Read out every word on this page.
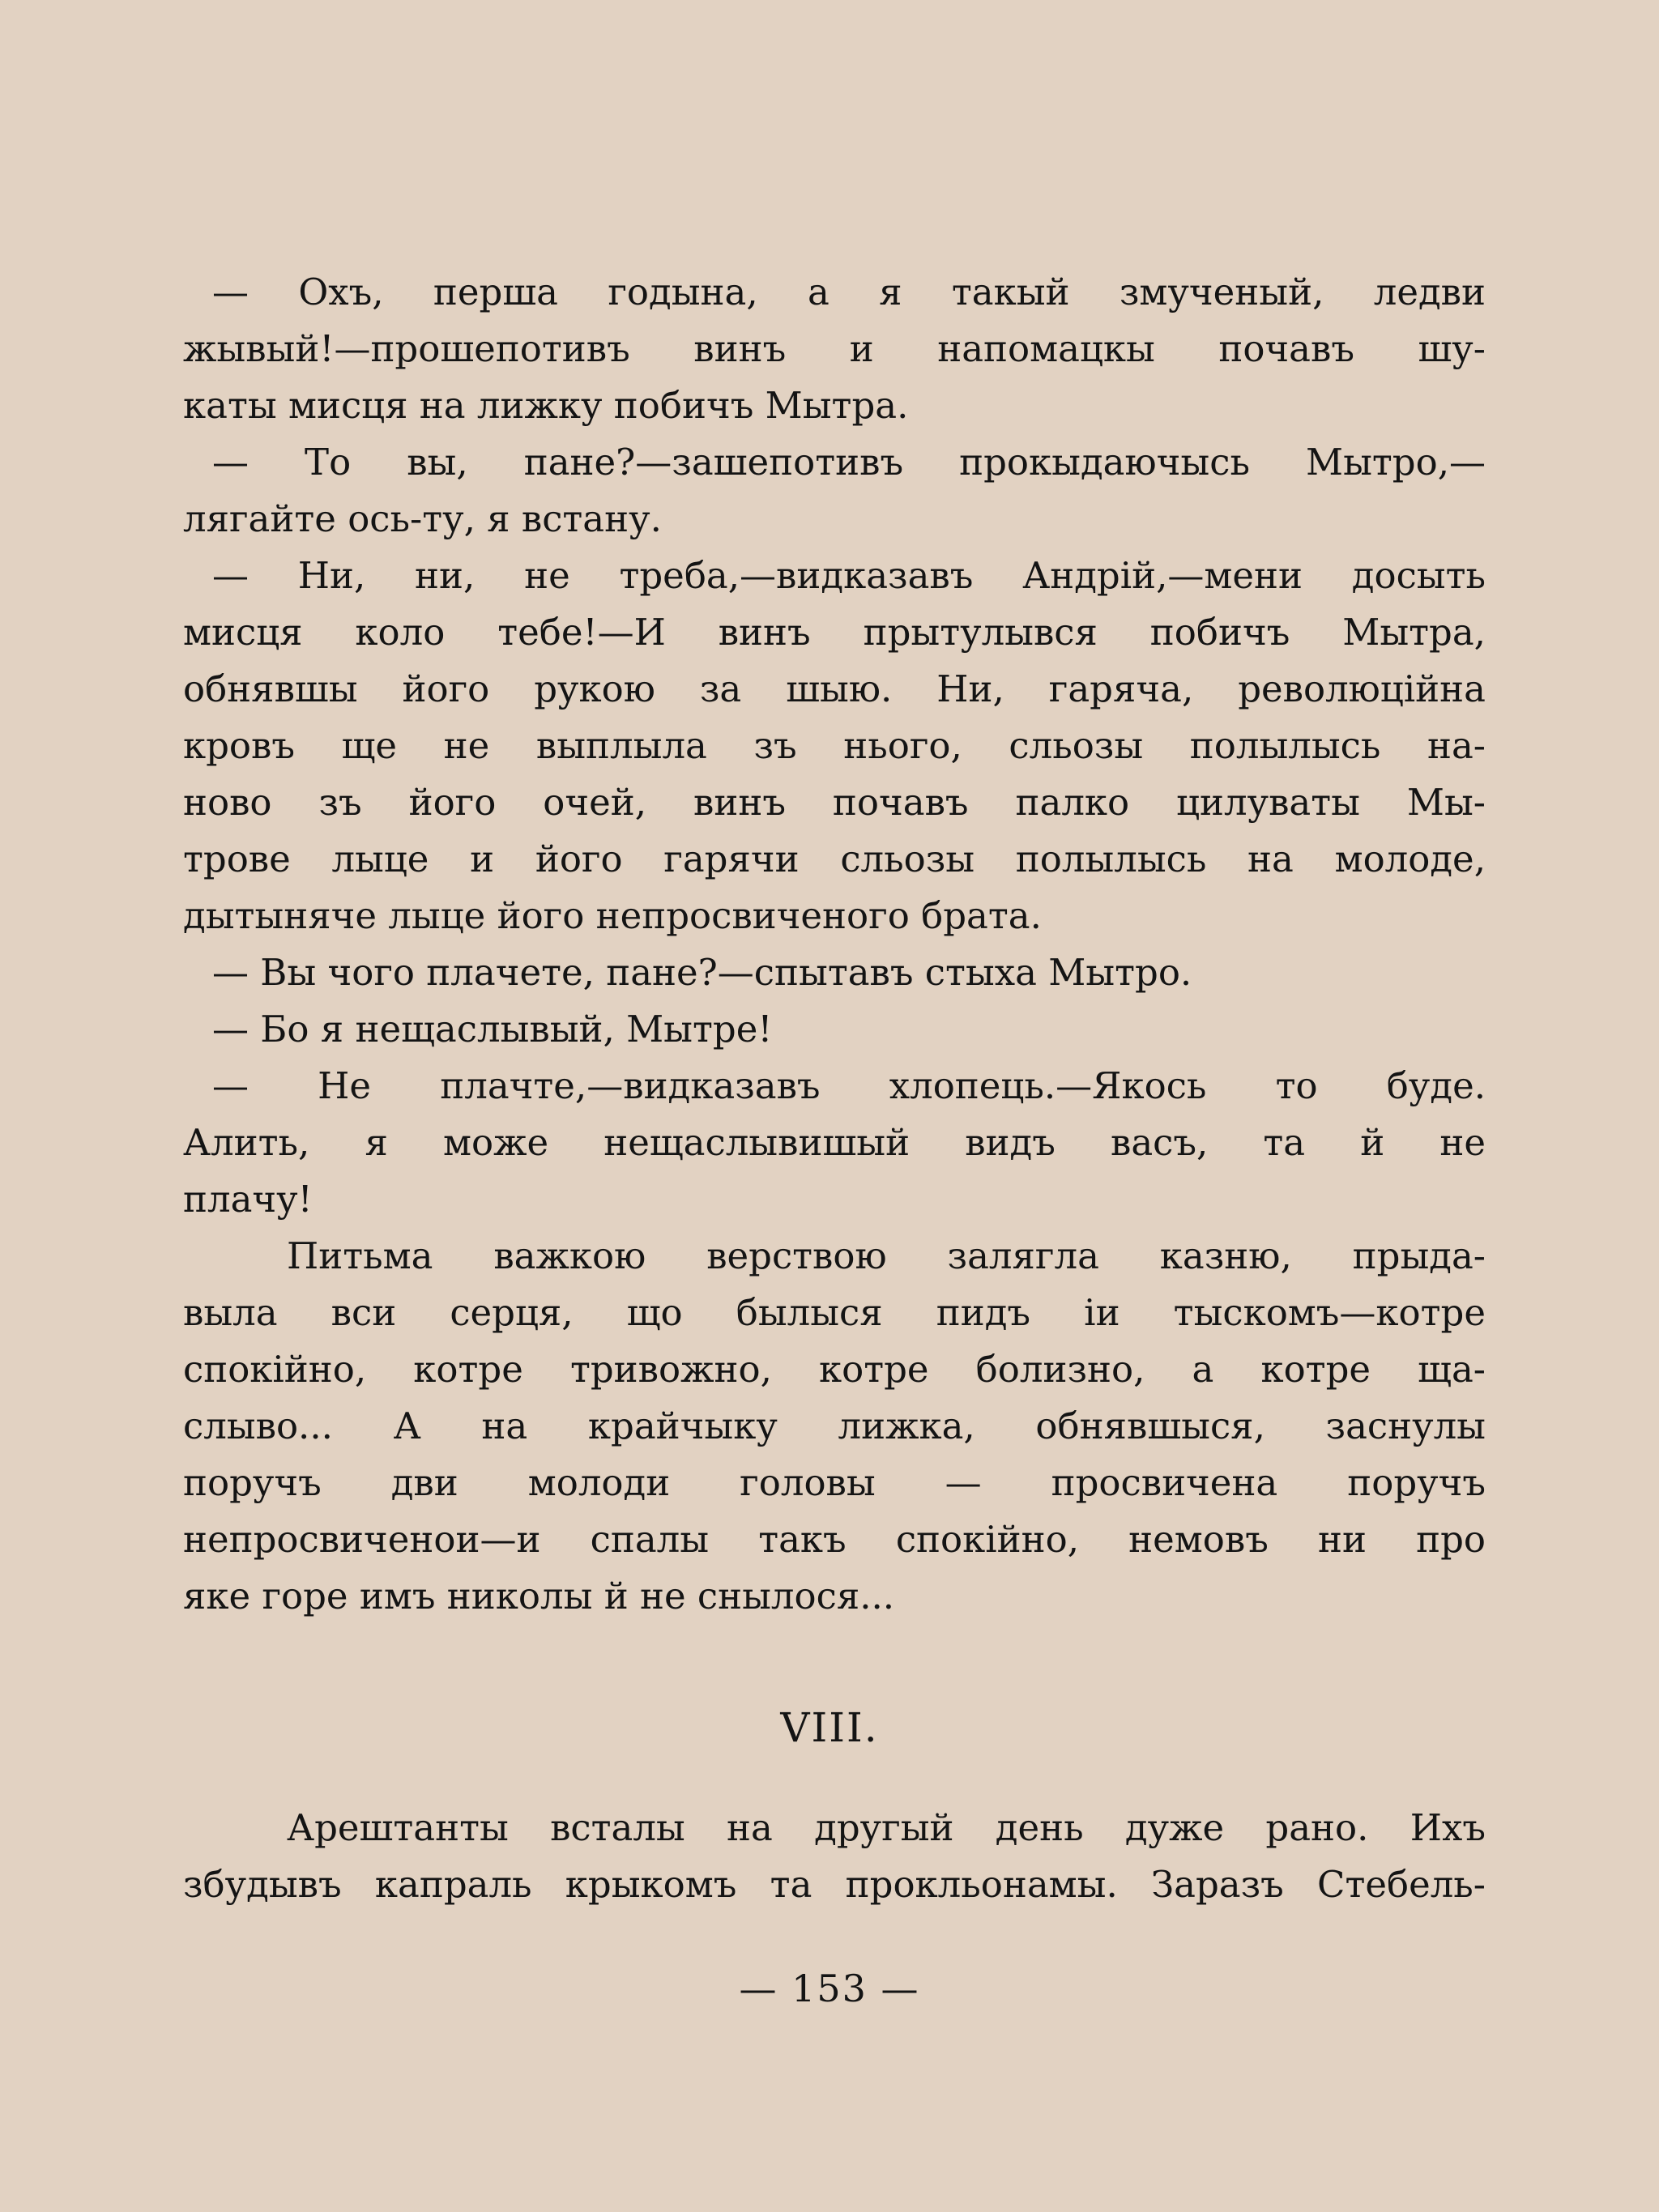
— Охъ, перша годына, а я такый змученый, ледви
жывый!—прошепотивъ винъ и напомацкы почавъ шу-
каты мисця на лижку побичъ Мытра.
— То вы, пане?—зашепотивъ прокыдаючысь Мытро,—
лягайте ось-ту, я встану.
— Ни, ни, не треба,—видказавъ Андрій,—мени досыть
мисця коло тебе!—И винъ прытулывся побичъ Мытра,
обнявшы його рукою за шыю. Ни, гаряча, революційна
кровъ ще не выплыла зъ нього, сльозы полылысь на-
ново зъ його очей, винъ почавъ палко цилуваты Мы-
трове лыце и його гарячи сльозы полылысь на молоде,
дытыняче лыце його непросвиченого брата.
— Вы чого плачете, пане?—спытавъ стыха Мытро.
— Бо я нещаслывый, Мытре!
— Не плачте,—видказавъ хлопець.—Якось то буде.
Алить, я може нещаслывишый видъ васъ, та й не
плачу!
Питьма важкою верствою залягла казню, прыда-
выла вси серця, що былыся пидъ іи тыскомъ—котре
спокійно, котре тривожно, котре болизно, а котре ща-
слыво... А на крайчыку лижка, обнявшыся, заснулы
поручъ дви молоди головы — просвичена поручъ
непросвиченои—и спалы такъ спокійно, немовъ ни про
яке горе имъ николы й не снылося...
VIII.
Арештанты всталы на другый день дуже рано. Ихъ
збудывъ капраль крыкомъ та прокльонамы. Заразъ Стебель-
— 153 —
